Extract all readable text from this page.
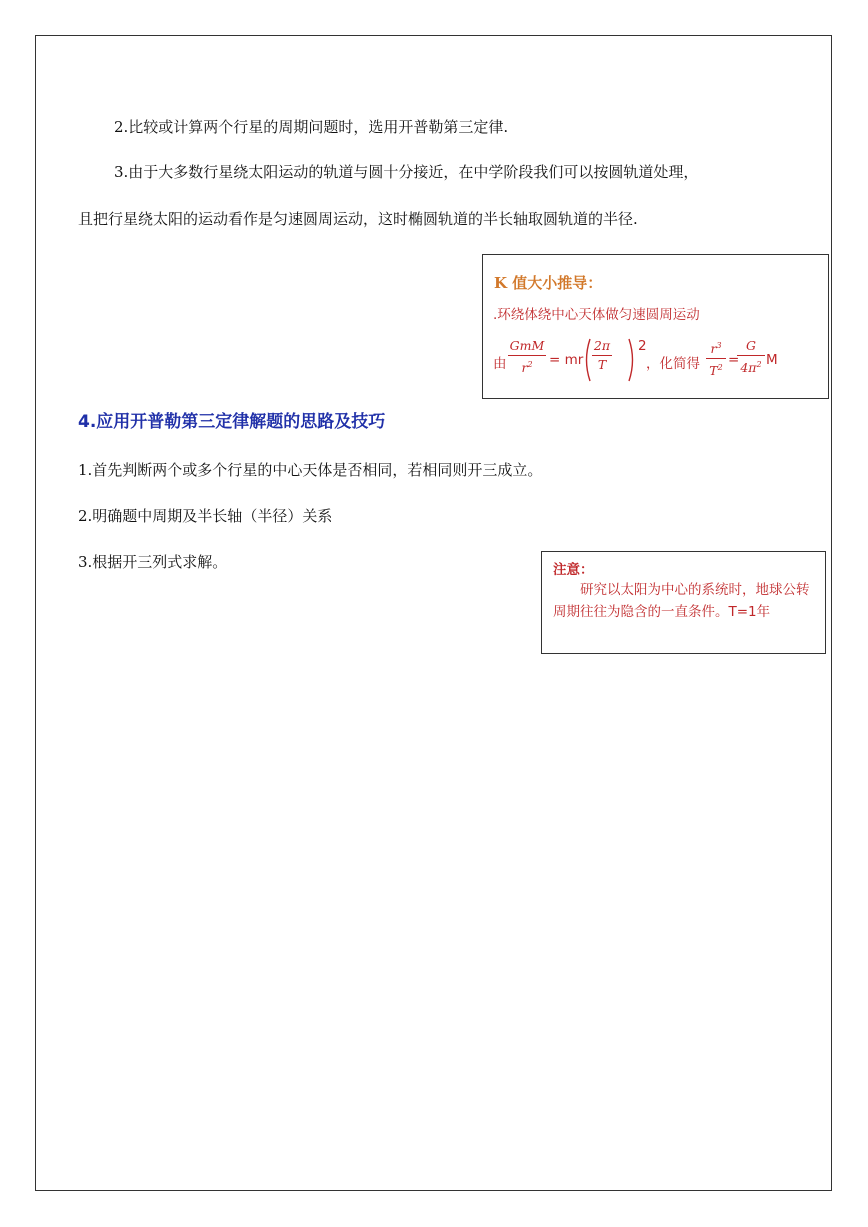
2.比较或计算两个行星的周期问题时，选用开普勒第三定律.
3.由于大多数行星绕太阳运动的轨道与圆十分接近，在中学阶段我们可以按圆轨道处理，
且把行星绕太阳的运动看作是匀速圆周运动，这时椭圆轨道的半长轴取圆轨道的半径.
K 值大小推导：
.环绕体绕中心天体做匀速圆周运动
由
GmM
$r^2$ = mr
2π
T
2
，化简得
$r^3$
$T^2$ =
G
$4\pi^2$ M
4.应用开普勒第三定律解题的思路及技巧
1.首先判断两个或多个行星的中心天体是否相同，若相同则开三成立。
2.明确题中周期及半长轴（半径）关系
3.根据开三列式求解。	注意：
研究以太阳为中心的系统时，地球公转周期往往为隐含的一直条件。T=1年
